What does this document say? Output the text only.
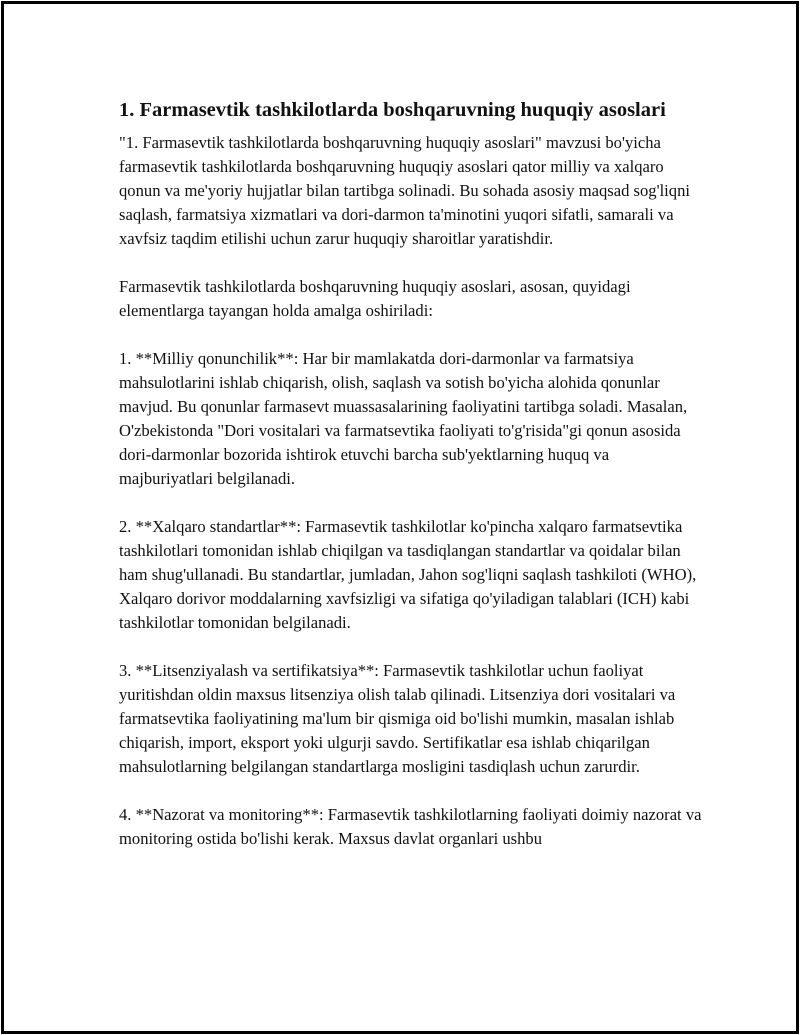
1. Farmasevtik tashkilotlarda boshqaruvning huquqiy asoslari

"1. Farmasevtik tashkilotlarda boshqaruvning huquqiy asoslari" mavzusi bo'yicha farmasevtik tashkilotlarda boshqaruvning huquqiy asoslari qator milliy va xalqaro qonun va me'yoriy hujjatlar bilan tartibga solinadi. Bu sohada asosiy maqsad sog'liqni saqlash, farmatsiya xizmatlari va dori-darmon ta'minotini yuqori sifatli, samarali va xavfsiz taqdim etilishi uchun zarur huquqiy sharoitlar yaratishdir.

Farmasevtik tashkilotlarda boshqaruvning huquqiy asoslari, asosan, quyidagi elementlarga tayangan holda amalga oshiriladi:

1. **Milliy qonunchilik**: Har bir mamlakatda dori-darmonlar va farmatsiya mahsulotlarini ishlab chiqarish, olish, saqlash va sotish bo'yicha alohida qonunlar mavjud. Bu qonunlar farmasevt muassasalarining faoliyatini tartibga soladi. Masalan, O'zbekistonda "Dori vositalari va farmatsevtika faoliyati to'g'risida"gi qonun asosida dori-darmonlar bozorida ishtirok etuvchi barcha sub'yektlarning huquq va majburiyatlari belgilanadi.

2. **Xalqaro standartlar**: Farmasevtik tashkilotlar ko'pincha xalqaro farmatsevtika tashkilotlari tomonidan ishlab chiqilgan va tasdiqlangan standartlar va qoidalar bilan ham shug'ullanadi. Bu standartlar, jumladan, Jahon sog'liqni saqlash tashkiloti (WHO), Xalqaro dorivor moddalarning xavfsizligi va sifatiga qo'yiladigan talablari (ICH) kabi tashkilotlar tomonidan belgilanadi.

3. **Litsenziyalash va sertifikatsiya**: Farmasevtik tashkilotlar uchun faoliyat yuritishdan oldin maxsus litsenziya olish talab qilinadi. Litsenziya dori vositalari va farmatsevtika faoliyatining ma'lum bir qismiga oid bo'lishi mumkin, masalan ishlab chiqarish, import, eksport yoki ulgurji savdo. Sertifikatlar esa ishlab chiqarilgan mahsulotlarning belgilangan standartlarga mosligini tasdiqlash uchun zarurdir.

4. **Nazorat va monitoring**: Farmasevtik tashkilotlarning faoliyati doimiy nazorat va monitoring ostida bo'lishi kerak. Maxsus davlat organlari ushbu
